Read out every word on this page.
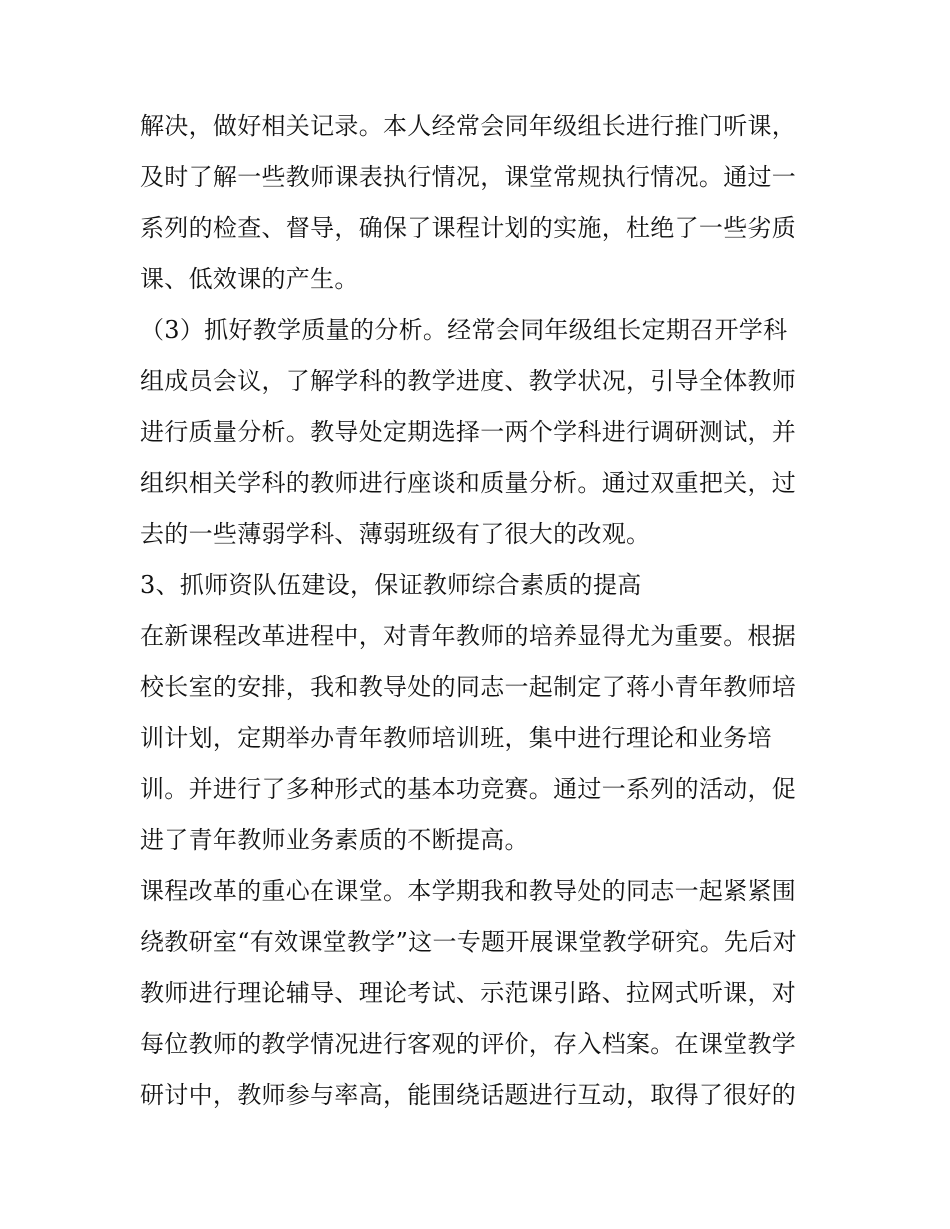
解决，做好相关记录。本人经常会同年级组长进行推门听课，
及时了解一些教师课表执行情况，课堂常规执行情况。通过一
系列的检查、督导，确保了课程计划的实施，杜绝了一些劣质
课、低效课的产生。
（3）抓好教学质量的分析。经常会同年级组长定期召开学科
组成员会议，了解学科的教学进度、教学状况，引导全体教师
进行质量分析。教导处定期选择一两个学科进行调研测试，并
组织相关学科的教师进行座谈和质量分析。通过双重把关，过
去的一些薄弱学科、薄弱班级有了很大的改观。
3、抓师资队伍建设，保证教师综合素质的提高
在新课程改革进程中，对青年教师的培养显得尤为重要。根据
校长室的安排，我和教导处的同志一起制定了蒋小青年教师培
训计划，定期举办青年教师培训班，集中进行理论和业务培
训。并进行了多种形式的基本功竞赛。通过一系列的活动，促
进了青年教师业务素质的不断提高。
课程改革的重心在课堂。本学期我和教导处的同志一起紧紧围
绕教研室“有效课堂教学”这一专题开展课堂教学研究。先后对
教师进行理论辅导、理论考试、示范课引路、拉网式听课，对
每位教师的教学情况进行客观的评价，存入档案。在课堂教学
研讨中，教师参与率高，能围绕话题进行互动，取得了很好的
